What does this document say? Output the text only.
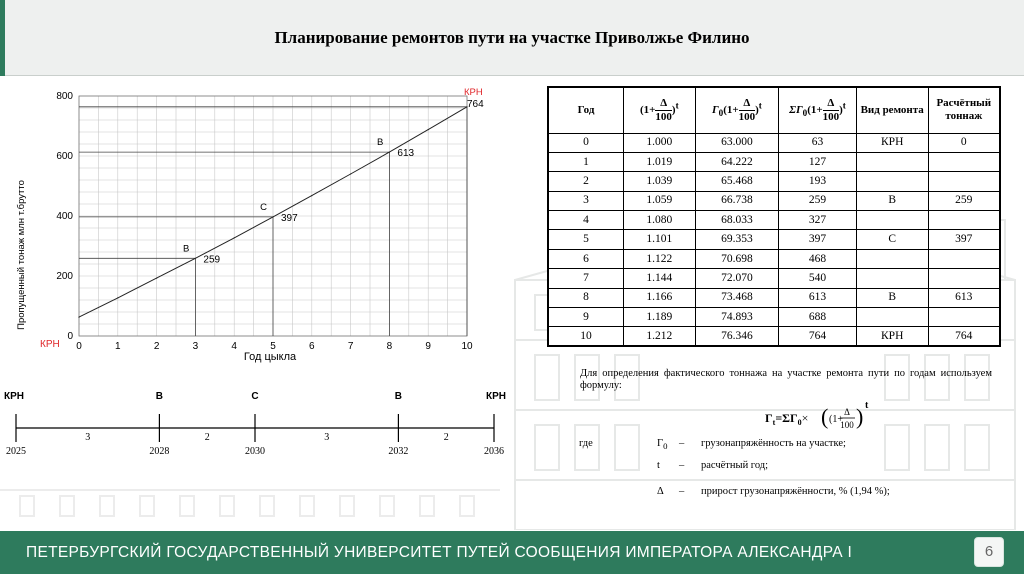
Планирование ремонтов пути на участке Приволжье Филино
0
200
400
600
800
0	1	2	3	4	5	6	7	8	9	10
B
259
C
397
B
613
КРН
764
КРН
Пропущенный тонаж млн т.брутто
Год цыкла
КРН
2025
В
2028
С
2030
В
2032
КРН
2036
3	2	3	2
Год	$(1+ \frac{\Delta}{100} )^t$	$Г_0(1+ \frac{\Delta}{100} )^t$	$\Sigma Г_0(1+ \frac{\Delta}{100} )^t$	Вид ремонта	Расчётный тоннаж
0	1.000	63.000	63	КРН	0
1	1.019	64.222	127		
2	1.039	65.468	193		
3	1.059	66.738	259	В	259
4	1.080	68.033	327		
5	1.101	69.353	397	С	397
6	1.122	70.698	468		
7	1.144	72.070	540		
8	1.166	73.468	613	В	613
9	1.189	74.893	688		
10	1.212	76.346	764	КРН	764
Для определения фактического тоннажа на участке ремонта пути по годам используем формулу:
$Г_t=\Sigma Г_0\times$ ( (1+
Δ
100 ) t
где	$Г_0$ – грузонапряжённость на участке;
t – расчётный год;
Δ – прирост грузонапряжённости, % (1,94 %);
ПЕТЕРБУРГСКИЙ ГОСУДАРСТВЕННЫЙ УНИВЕРСИТЕТ ПУТЕЙ СООБЩЕНИЯ ИМПЕРАТОРА АЛЕКСАНДРА I	6
